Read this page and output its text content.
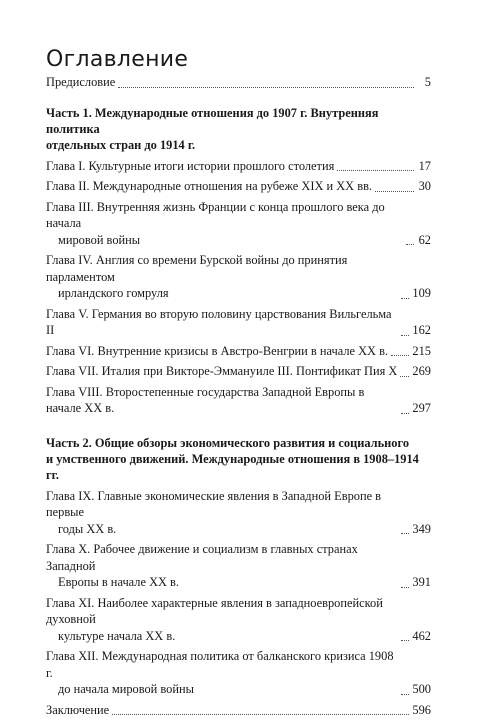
Оглавление
Предисловие	5
Часть 1. Международные отношения до 1907 г. Внутренняя политика
отдельных стран до 1914 г.
Глава I. Культурные итоги истории прошлого столетия	17
Глава II. Международные отношения на рубеже XIX и XX вв.	30
Глава III. Внутренняя жизнь Франции с конца прошлого века до начала
мировой войны	62
Глава IV. Англия со времени Бурской войны до принятия парламентом
ирландского гомруля	109
Глава V. Германия во вторую половину царствования Вильгельма II	162
Глава VI. Внутренние кризисы в Австро-Венгрии в начале XX в. 215
Глава VII. Италия при Викторе-Эммануиле III. Понтификат Пия X 269
Глава VIII. Второстепенные государства Западной Европы в начале XX в.	297
Часть 2. Общие обзоры экономического развития и социального
и умственного движений. Международные отношения в 1908–1914 гг.
Глава IX. Главные экономические явления в Западной Европе в первые
годы XX в.	349
Глава X. Рабочее движение и социализм в главных странах Западной
Европы в начале XX в.	391
Глава XI. Наиболее характерные явления в западноевропейской духовной
культуре начала XX в.	462
Глава XII. Международная политика от балканского кризиса 1908 г.
до начала мировой войны	500
Заключение	596
